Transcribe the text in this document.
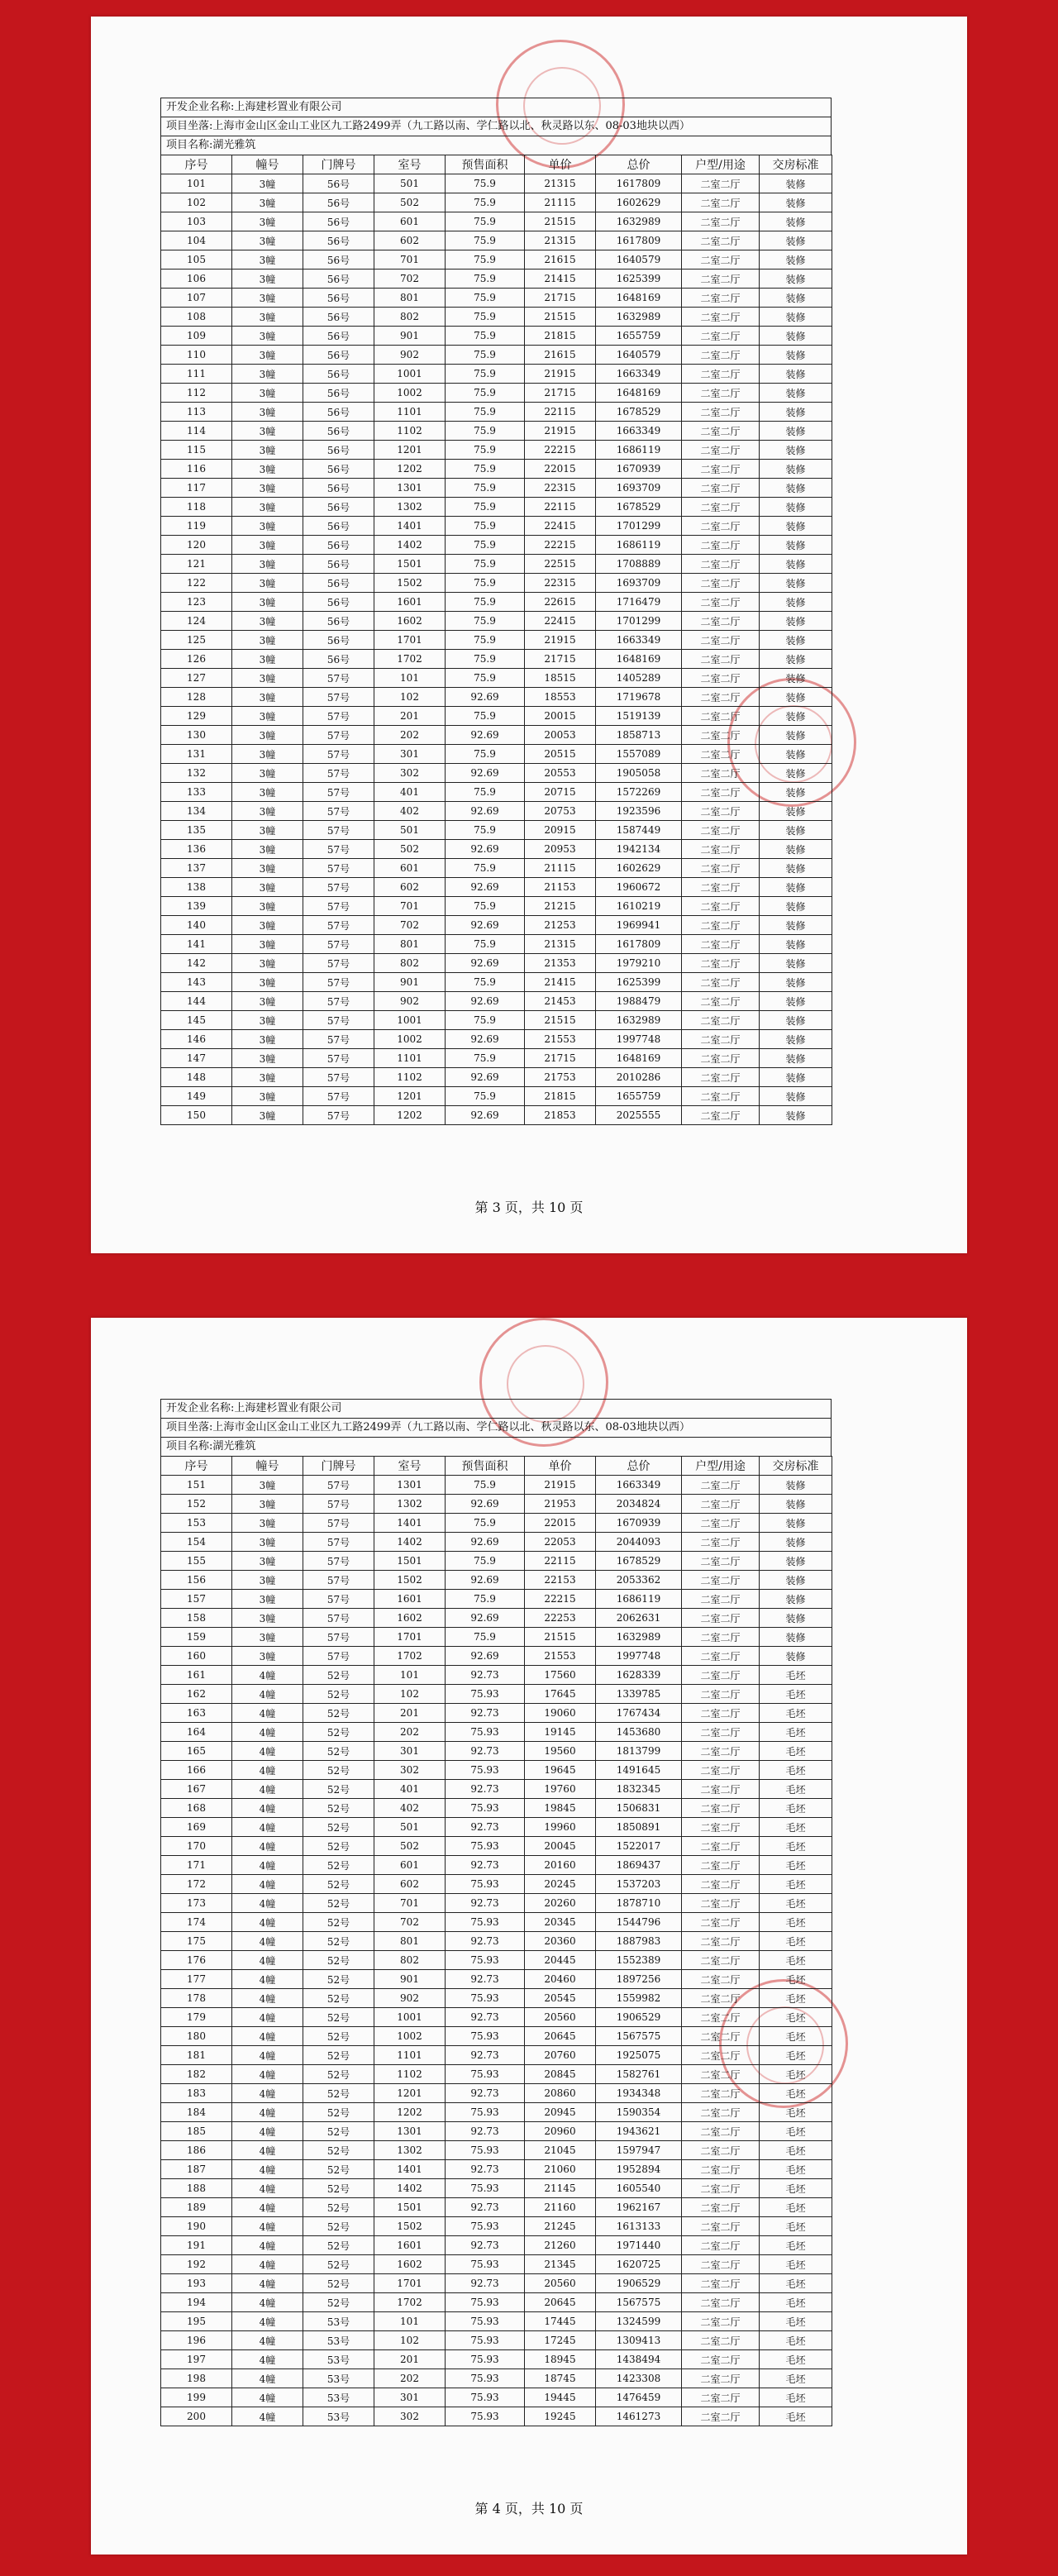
开发企业名称:上海建杉置业有限公司
项目坐落:上海市金山区金山工业区九工路2499弄（九工路以南、学仁路以北、秋灵路以东、08-03地块以西）
项目名称:湖光雅筑
序号	幢号	门牌号	室号	预售面积	单价	总价	户型/用途	交房标准
101	3幢	56号	501	75.9	21315	1617809	二室二厅	装修
102	3幢	56号	502	75.9	21115	1602629	二室二厅	装修
103	3幢	56号	601	75.9	21515	1632989	二室二厅	装修
104	3幢	56号	602	75.9	21315	1617809	二室二厅	装修
105	3幢	56号	701	75.9	21615	1640579	二室二厅	装修
106	3幢	56号	702	75.9	21415	1625399	二室二厅	装修
107	3幢	56号	801	75.9	21715	1648169	二室二厅	装修
108	3幢	56号	802	75.9	21515	1632989	二室二厅	装修
109	3幢	56号	901	75.9	21815	1655759	二室二厅	装修
110	3幢	56号	902	75.9	21615	1640579	二室二厅	装修
111	3幢	56号	1001	75.9	21915	1663349	二室二厅	装修
112	3幢	56号	1002	75.9	21715	1648169	二室二厅	装修
113	3幢	56号	1101	75.9	22115	1678529	二室二厅	装修
114	3幢	56号	1102	75.9	21915	1663349	二室二厅	装修
115	3幢	56号	1201	75.9	22215	1686119	二室二厅	装修
116	3幢	56号	1202	75.9	22015	1670939	二室二厅	装修
117	3幢	56号	1301	75.9	22315	1693709	二室二厅	装修
118	3幢	56号	1302	75.9	22115	1678529	二室二厅	装修
119	3幢	56号	1401	75.9	22415	1701299	二室二厅	装修
120	3幢	56号	1402	75.9	22215	1686119	二室二厅	装修
121	3幢	56号	1501	75.9	22515	1708889	二室二厅	装修
122	3幢	56号	1502	75.9	22315	1693709	二室二厅	装修
123	3幢	56号	1601	75.9	22615	1716479	二室二厅	装修
124	3幢	56号	1602	75.9	22415	1701299	二室二厅	装修
125	3幢	56号	1701	75.9	21915	1663349	二室二厅	装修
126	3幢	56号	1702	75.9	21715	1648169	二室二厅	装修
127	3幢	57号	101	75.9	18515	1405289	二室二厅	装修
128	3幢	57号	102	92.69	18553	1719678	二室二厅	装修
129	3幢	57号	201	75.9	20015	1519139	二室二厅	装修
130	3幢	57号	202	92.69	20053	1858713	二室二厅	装修
131	3幢	57号	301	75.9	20515	1557089	二室二厅	装修
132	3幢	57号	302	92.69	20553	1905058	二室二厅	装修
133	3幢	57号	401	75.9	20715	1572269	二室二厅	装修
134	3幢	57号	402	92.69	20753	1923596	二室二厅	装修
135	3幢	57号	501	75.9	20915	1587449	二室二厅	装修
136	3幢	57号	502	92.69	20953	1942134	二室二厅	装修
137	3幢	57号	601	75.9	21115	1602629	二室二厅	装修
138	3幢	57号	602	92.69	21153	1960672	二室二厅	装修
139	3幢	57号	701	75.9	21215	1610219	二室二厅	装修
140	3幢	57号	702	92.69	21253	1969941	二室二厅	装修
141	3幢	57号	801	75.9	21315	1617809	二室二厅	装修
142	3幢	57号	802	92.69	21353	1979210	二室二厅	装修
143	3幢	57号	901	75.9	21415	1625399	二室二厅	装修
144	3幢	57号	902	92.69	21453	1988479	二室二厅	装修
145	3幢	57号	1001	75.9	21515	1632989	二室二厅	装修
146	3幢	57号	1002	92.69	21553	1997748	二室二厅	装修
147	3幢	57号	1101	75.9	21715	1648169	二室二厅	装修
148	3幢	57号	1102	92.69	21753	2010286	二室二厅	装修
149	3幢	57号	1201	75.9	21815	1655759	二室二厅	装修
150	3幢	57号	1202	92.69	21853	2025555	二室二厅	装修
第 3 页，共 10 页
开发企业名称:上海建杉置业有限公司
项目坐落:上海市金山区金山工业区九工路2499弄（九工路以南、学仁路以北、秋灵路以东、08-03地块以西）
项目名称:湖光雅筑
序号	幢号	门牌号	室号	预售面积	单价	总价	户型/用途	交房标准
151	3幢	57号	1301	75.9	21915	1663349	二室二厅	装修
152	3幢	57号	1302	92.69	21953	2034824	二室二厅	装修
153	3幢	57号	1401	75.9	22015	1670939	二室二厅	装修
154	3幢	57号	1402	92.69	22053	2044093	二室二厅	装修
155	3幢	57号	1501	75.9	22115	1678529	二室二厅	装修
156	3幢	57号	1502	92.69	22153	2053362	二室二厅	装修
157	3幢	57号	1601	75.9	22215	1686119	二室二厅	装修
158	3幢	57号	1602	92.69	22253	2062631	二室二厅	装修
159	3幢	57号	1701	75.9	21515	1632989	二室二厅	装修
160	3幢	57号	1702	92.69	21553	1997748	二室二厅	装修
161	4幢	52号	101	92.73	17560	1628339	二室二厅	毛坯
162	4幢	52号	102	75.93	17645	1339785	二室二厅	毛坯
163	4幢	52号	201	92.73	19060	1767434	二室二厅	毛坯
164	4幢	52号	202	75.93	19145	1453680	二室二厅	毛坯
165	4幢	52号	301	92.73	19560	1813799	二室二厅	毛坯
166	4幢	52号	302	75.93	19645	1491645	二室二厅	毛坯
167	4幢	52号	401	92.73	19760	1832345	二室二厅	毛坯
168	4幢	52号	402	75.93	19845	1506831	二室二厅	毛坯
169	4幢	52号	501	92.73	19960	1850891	二室二厅	毛坯
170	4幢	52号	502	75.93	20045	1522017	二室二厅	毛坯
171	4幢	52号	601	92.73	20160	1869437	二室二厅	毛坯
172	4幢	52号	602	75.93	20245	1537203	二室二厅	毛坯
173	4幢	52号	701	92.73	20260	1878710	二室二厅	毛坯
174	4幢	52号	702	75.93	20345	1544796	二室二厅	毛坯
175	4幢	52号	801	92.73	20360	1887983	二室二厅	毛坯
176	4幢	52号	802	75.93	20445	1552389	二室二厅	毛坯
177	4幢	52号	901	92.73	20460	1897256	二室二厅	毛坯
178	4幢	52号	902	75.93	20545	1559982	二室二厅	毛坯
179	4幢	52号	1001	92.73	20560	1906529	二室二厅	毛坯
180	4幢	52号	1002	75.93	20645	1567575	二室二厅	毛坯
181	4幢	52号	1101	92.73	20760	1925075	二室二厅	毛坯
182	4幢	52号	1102	75.93	20845	1582761	二室二厅	毛坯
183	4幢	52号	1201	92.73	20860	1934348	二室二厅	毛坯
184	4幢	52号	1202	75.93	20945	1590354	二室二厅	毛坯
185	4幢	52号	1301	92.73	20960	1943621	二室二厅	毛坯
186	4幢	52号	1302	75.93	21045	1597947	二室二厅	毛坯
187	4幢	52号	1401	92.73	21060	1952894	二室二厅	毛坯
188	4幢	52号	1402	75.93	21145	1605540	二室二厅	毛坯
189	4幢	52号	1501	92.73	21160	1962167	二室二厅	毛坯
190	4幢	52号	1502	75.93	21245	1613133	二室二厅	毛坯
191	4幢	52号	1601	92.73	21260	1971440	二室二厅	毛坯
192	4幢	52号	1602	75.93	21345	1620725	二室二厅	毛坯
193	4幢	52号	1701	92.73	20560	1906529	二室二厅	毛坯
194	4幢	52号	1702	75.93	20645	1567575	二室二厅	毛坯
195	4幢	53号	101	75.93	17445	1324599	二室二厅	毛坯
196	4幢	53号	102	75.93	17245	1309413	二室二厅	毛坯
197	4幢	53号	201	75.93	18945	1438494	二室二厅	毛坯
198	4幢	53号	202	75.93	18745	1423308	二室二厅	毛坯
199	4幢	53号	301	75.93	19445	1476459	二室二厅	毛坯
200	4幢	53号	302	75.93	19245	1461273	二室二厅	毛坯
第 4 页，共 10 页
